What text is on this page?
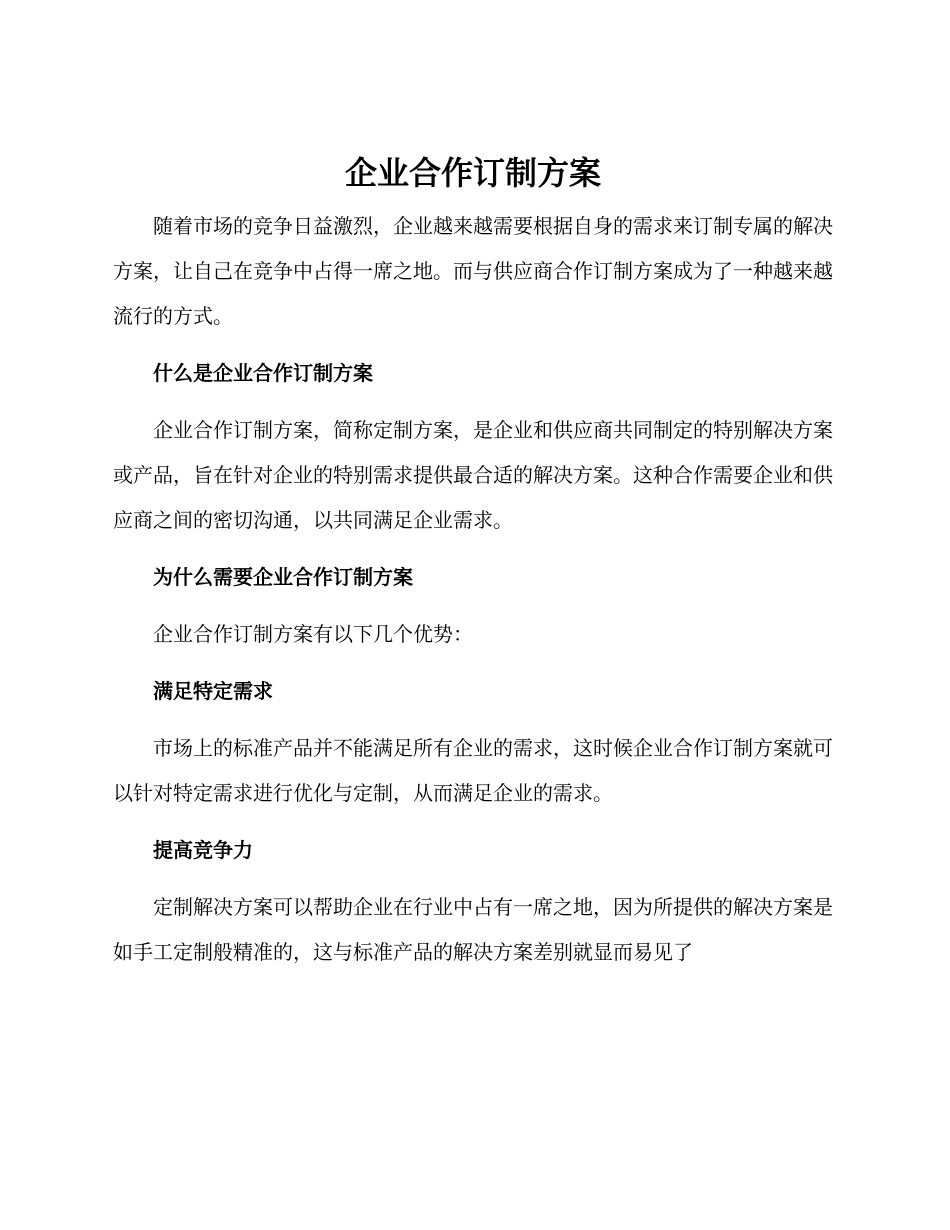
企业合作订制方案

随着市场的竞争日益激烈，企业越来越需要根据自身的需求来订制专属的解决方案，让自己在竞争中占得一席之地。而与供应商合作订制方案成为了一种越来越流行的方式。

什么是企业合作订制方案

企业合作订制方案，简称定制方案，是企业和供应商共同制定的特别解决方案或产品，旨在针对企业的特别需求提供最合适的解决方案。这种合作需要企业和供应商之间的密切沟通，以共同满足企业需求。

为什么需要企业合作订制方案

企业合作订制方案有以下几个优势：

满足特定需求

市场上的标准产品并不能满足所有企业的需求，这时候企业合作订制方案就可以针对特定需求进行优化与定制，从而满足企业的需求。

提高竞争力

定制解决方案可以帮助企业在行业中占有一席之地，因为所提供的解决方案是如手工定制般精准的，这与标准产品的解决方案差别就显而易见了
